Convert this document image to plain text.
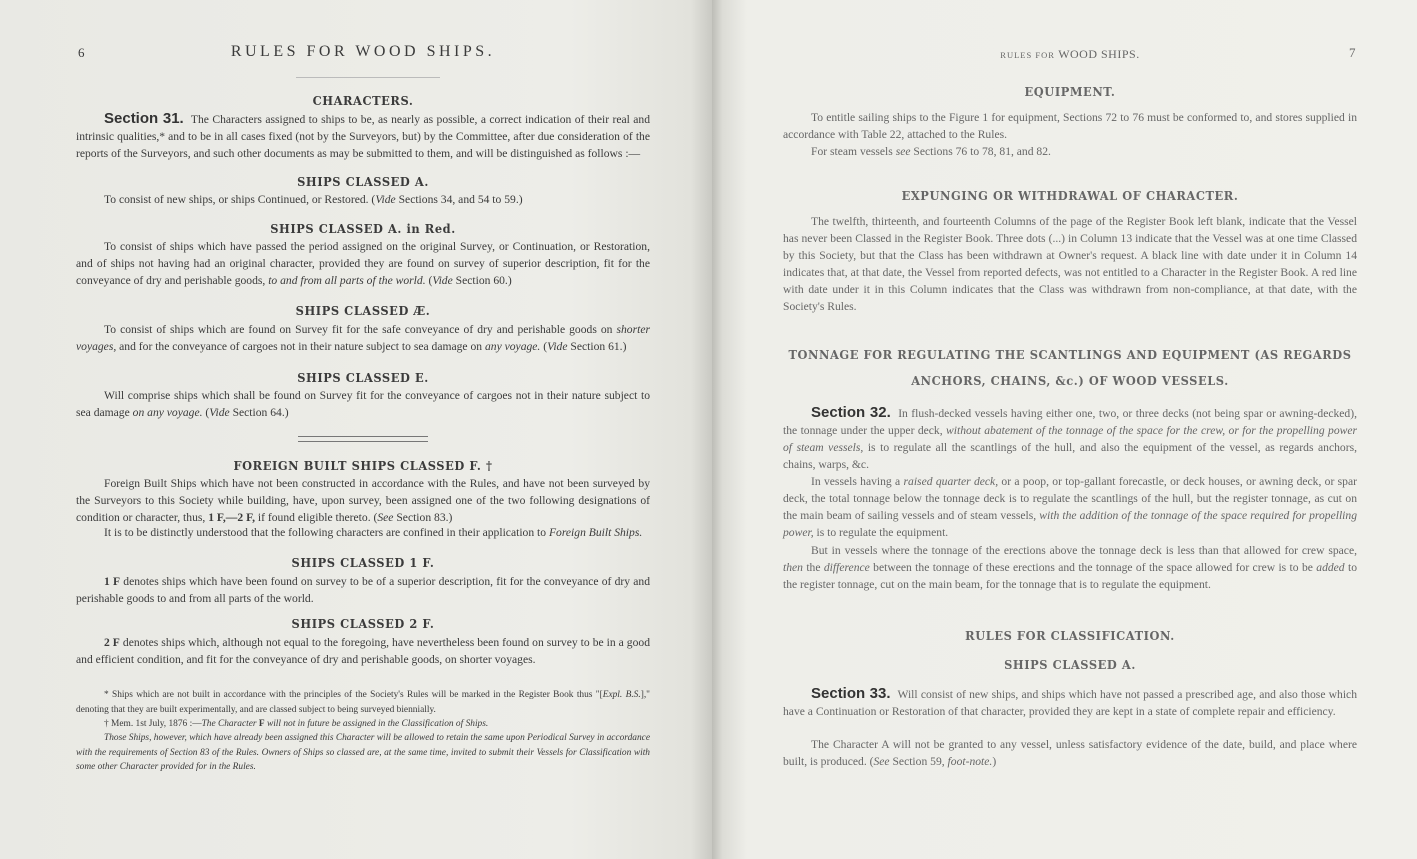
6	RULES FOR WOOD SHIPS.
CHARACTERS.
Section 31. The Characters assigned to ships to be, as nearly as possible, a correct indication of their real and intrinsic qualities,* and to be in all cases fixed (not by the Surveyors, but) by the Committee, after due consideration of the reports of the Surveyors, and such other documents as may be submitted to them, and will be distinguished as follows :—
SHIPS CLASSED A.
To consist of new ships, or ships Continued, or Restored. (Vide Sections 34, and 54 to 59.)
SHIPS CLASSED A. in Red.
To consist of ships which have passed the period assigned on the original Survey, or Continuation, or Restoration, and of ships not having had an original character, provided they are found on survey of superior description, fit for the conveyance of dry and perishable goods, to and from all parts of the world. (Vide Section 60.)
SHIPS CLASSED Æ.
To consist of ships which are found on Survey fit for the safe conveyance of dry and perishable goods on shorter voyages, and for the conveyance of cargoes not in their nature subject to sea damage on any voyage. (Vide Section 61.)
SHIPS CLASSED E.
Will comprise ships which shall be found on Survey fit for the conveyance of cargoes not in their nature subject to sea damage on any voyage. (Vide Section 64.)
FOREIGN BUILT SHIPS CLASSED F. †
Foreign Built Ships which have not been constructed in accordance with the Rules, and have not been surveyed by the Surveyors to this Society while building, have, upon survey, been assigned one of the two following designations of condition or character, thus, 1 F,—2 F, if found eligible thereto. (See Section 83.)
It is to be distinctly understood that the following characters are confined in their application to Foreign Built Ships.
SHIPS CLASSED 1 F.
1 F denotes ships which have been found on survey to be of a superior description, fit for the conveyance of dry and perishable goods to and from all parts of the world.
SHIPS CLASSED 2 F.
2 F denotes ships which, although not equal to the foregoing, have nevertheless been found on survey to be in a good and efficient condition, and fit for the conveyance of dry and perishable goods, on shorter voyages.
* Ships which are not built in accordance with the principles of the Society's Rules will be marked in the Register Book thus "[Expl. B.S.]," denoting that they are built experimentally, and are classed subject to being surveyed biennially.
† Mem. 1st July, 1876 :—The Character F will not in future be assigned in the Classification of Ships.
Those Ships, however, which have already been assigned this Character will be allowed to retain the same upon Periodical Survey in accordance with the requirements of Section 83 of the Rules. Owners of Ships so classed are, at the same time, invited to submit their Vessels for Classification with some other Character provided for in the Rules.
RULES FOR WOOD SHIPS.	7
EQUIPMENT.
To entitle sailing ships to the Figure 1 for equipment, Sections 72 to 76 must be conformed to, and stores supplied in accordance with Table 22, attached to the Rules.
For steam vessels see Sections 76 to 78, 81, and 82.
EXPUNGING OR WITHDRAWAL OF CHARACTER.
The twelfth, thirteenth, and fourteenth Columns of the page of the Register Book left blank, indicate that the Vessel has never been Classed in the Register Book. Three dots (...) in Column 13 indicate that the Vessel was at one time Classed by this Society, but that the Class has been withdrawn at Owner's request. A black line with date under it in Column 14 indicates that, at that date, the Vessel from reported defects, was not entitled to a Character in the Register Book. A red line with date under it in this Column indicates that the Class was withdrawn from non-compliance, at that date, with the Society's Rules.
TONNAGE FOR REGULATING THE SCANTLINGS AND EQUIPMENT (AS REGARDS ANCHORS, CHAINS, &c.) OF WOOD VESSELS.
Section 32. In flush-decked vessels having either one, two, or three decks (not being spar or awning-decked), the tonnage under the upper deck, without abatement of the tonnage of the space for the crew, or for the propelling power of steam vessels, is to regulate all the scantlings of the hull, and also the equipment of the vessel, as regards anchors, chains, warps, &c.
In vessels having a raised quarter deck, or a poop, or top-gallant forecastle, or deck houses, or awning deck, or spar deck, the total tonnage below the tonnage deck is to regulate the scantlings of the hull, but the register tonnage, as cut on the main beam of sailing vessels and of steam vessels, with the addition of the tonnage of the space required for propelling power, is to regulate the equipment.
But in vessels where the tonnage of the erections above the tonnage deck is less than that allowed for crew space, then the difference between the tonnage of these erections and the tonnage of the space allowed for crew is to be added to the register tonnage, cut on the main beam, for the tonnage that is to regulate the equipment.
RULES FOR CLASSIFICATION.
SHIPS CLASSED A.
Section 33. Will consist of new ships, and ships which have not passed a prescribed age, and also those which have a Continuation or Restoration of that character, provided they are kept in a state of complete repair and efficiency.
The Character A will not be granted to any vessel, unless satisfactory evidence of the date, build, and place where built, is produced. (See Section 59, foot-note.)
